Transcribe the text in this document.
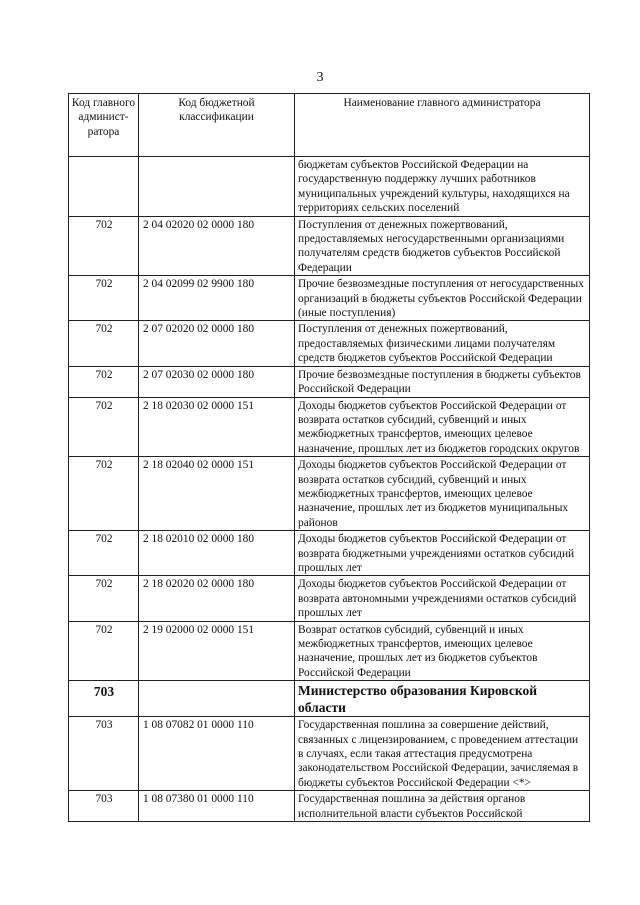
3
Код главного админист-ратора	Код бюджетной классификации	Наименование главного администратора
		бюджетам субъектов Российской Федерации на государственную поддержку лучших работников муниципальных учреждений культуры, находящихся на территориях сельских поселений
702	2 04 02020 02 0000 180	Поступления от денежных пожертвований, предоставляемых негосударственными организациями получателям средств бюджетов субъектов Российской Федерации
702	2 04 02099 02 9900 180	Прочие безвозмездные поступления от негосударственных организаций в бюджеты субъектов Российской Федерации (иные поступления)
702	2 07 02020 02 0000 180	Поступления от денежных пожертвований, предоставляемых физическими лицами получателям средств бюджетов субъектов Российской Федерации
702	2 07 02030 02 0000 180	Прочие безвозмездные поступления в бюджеты субъектов Российской Федерации
702	2 18 02030 02 0000 151	Доходы бюджетов субъектов Российской Федерации от возврата остатков субсидий, субвенций и иных межбюджетных трансфертов, имеющих целевое назначение, прошлых лет из бюджетов городских округов
702	2 18 02040 02 0000 151	Доходы бюджетов субъектов Российской Федерации от возврата остатков субсидий, субвенций и иных межбюджетных трансфертов, имеющих целевое назначение, прошлых лет из бюджетов муниципальных районов
702	2 18 02010 02 0000 180	Доходы бюджетов субъектов Российской Федерации от возврата бюджетными учреждениями остатков субсидий прошлых лет
702	2 18 02020 02 0000 180	Доходы бюджетов субъектов Российской Федерации от возврата автономными учреждениями остатков субсидий прошлых лет
702	2 19 02000 02 0000 151	Возврат остатков субсидий, субвенций и иных межбюджетных трансфертов, имеющих целевое назначение, прошлых лет из бюджетов субъектов Российской Федерации
703		Министерство образования Кировской области
703	1 08 07082 01 0000 110	Государственная пошлина за совершение действий, связанных с лицензированием, с проведением аттестации в случаях, если такая аттестация предусмотрена законодательством Российской Федерации, зачисляемая в бюджеты субъектов Российской Федерации <*>
703	1 08 07380 01 0000 110	Государственная пошлина за действия органов исполнительной власти субъектов Российской
